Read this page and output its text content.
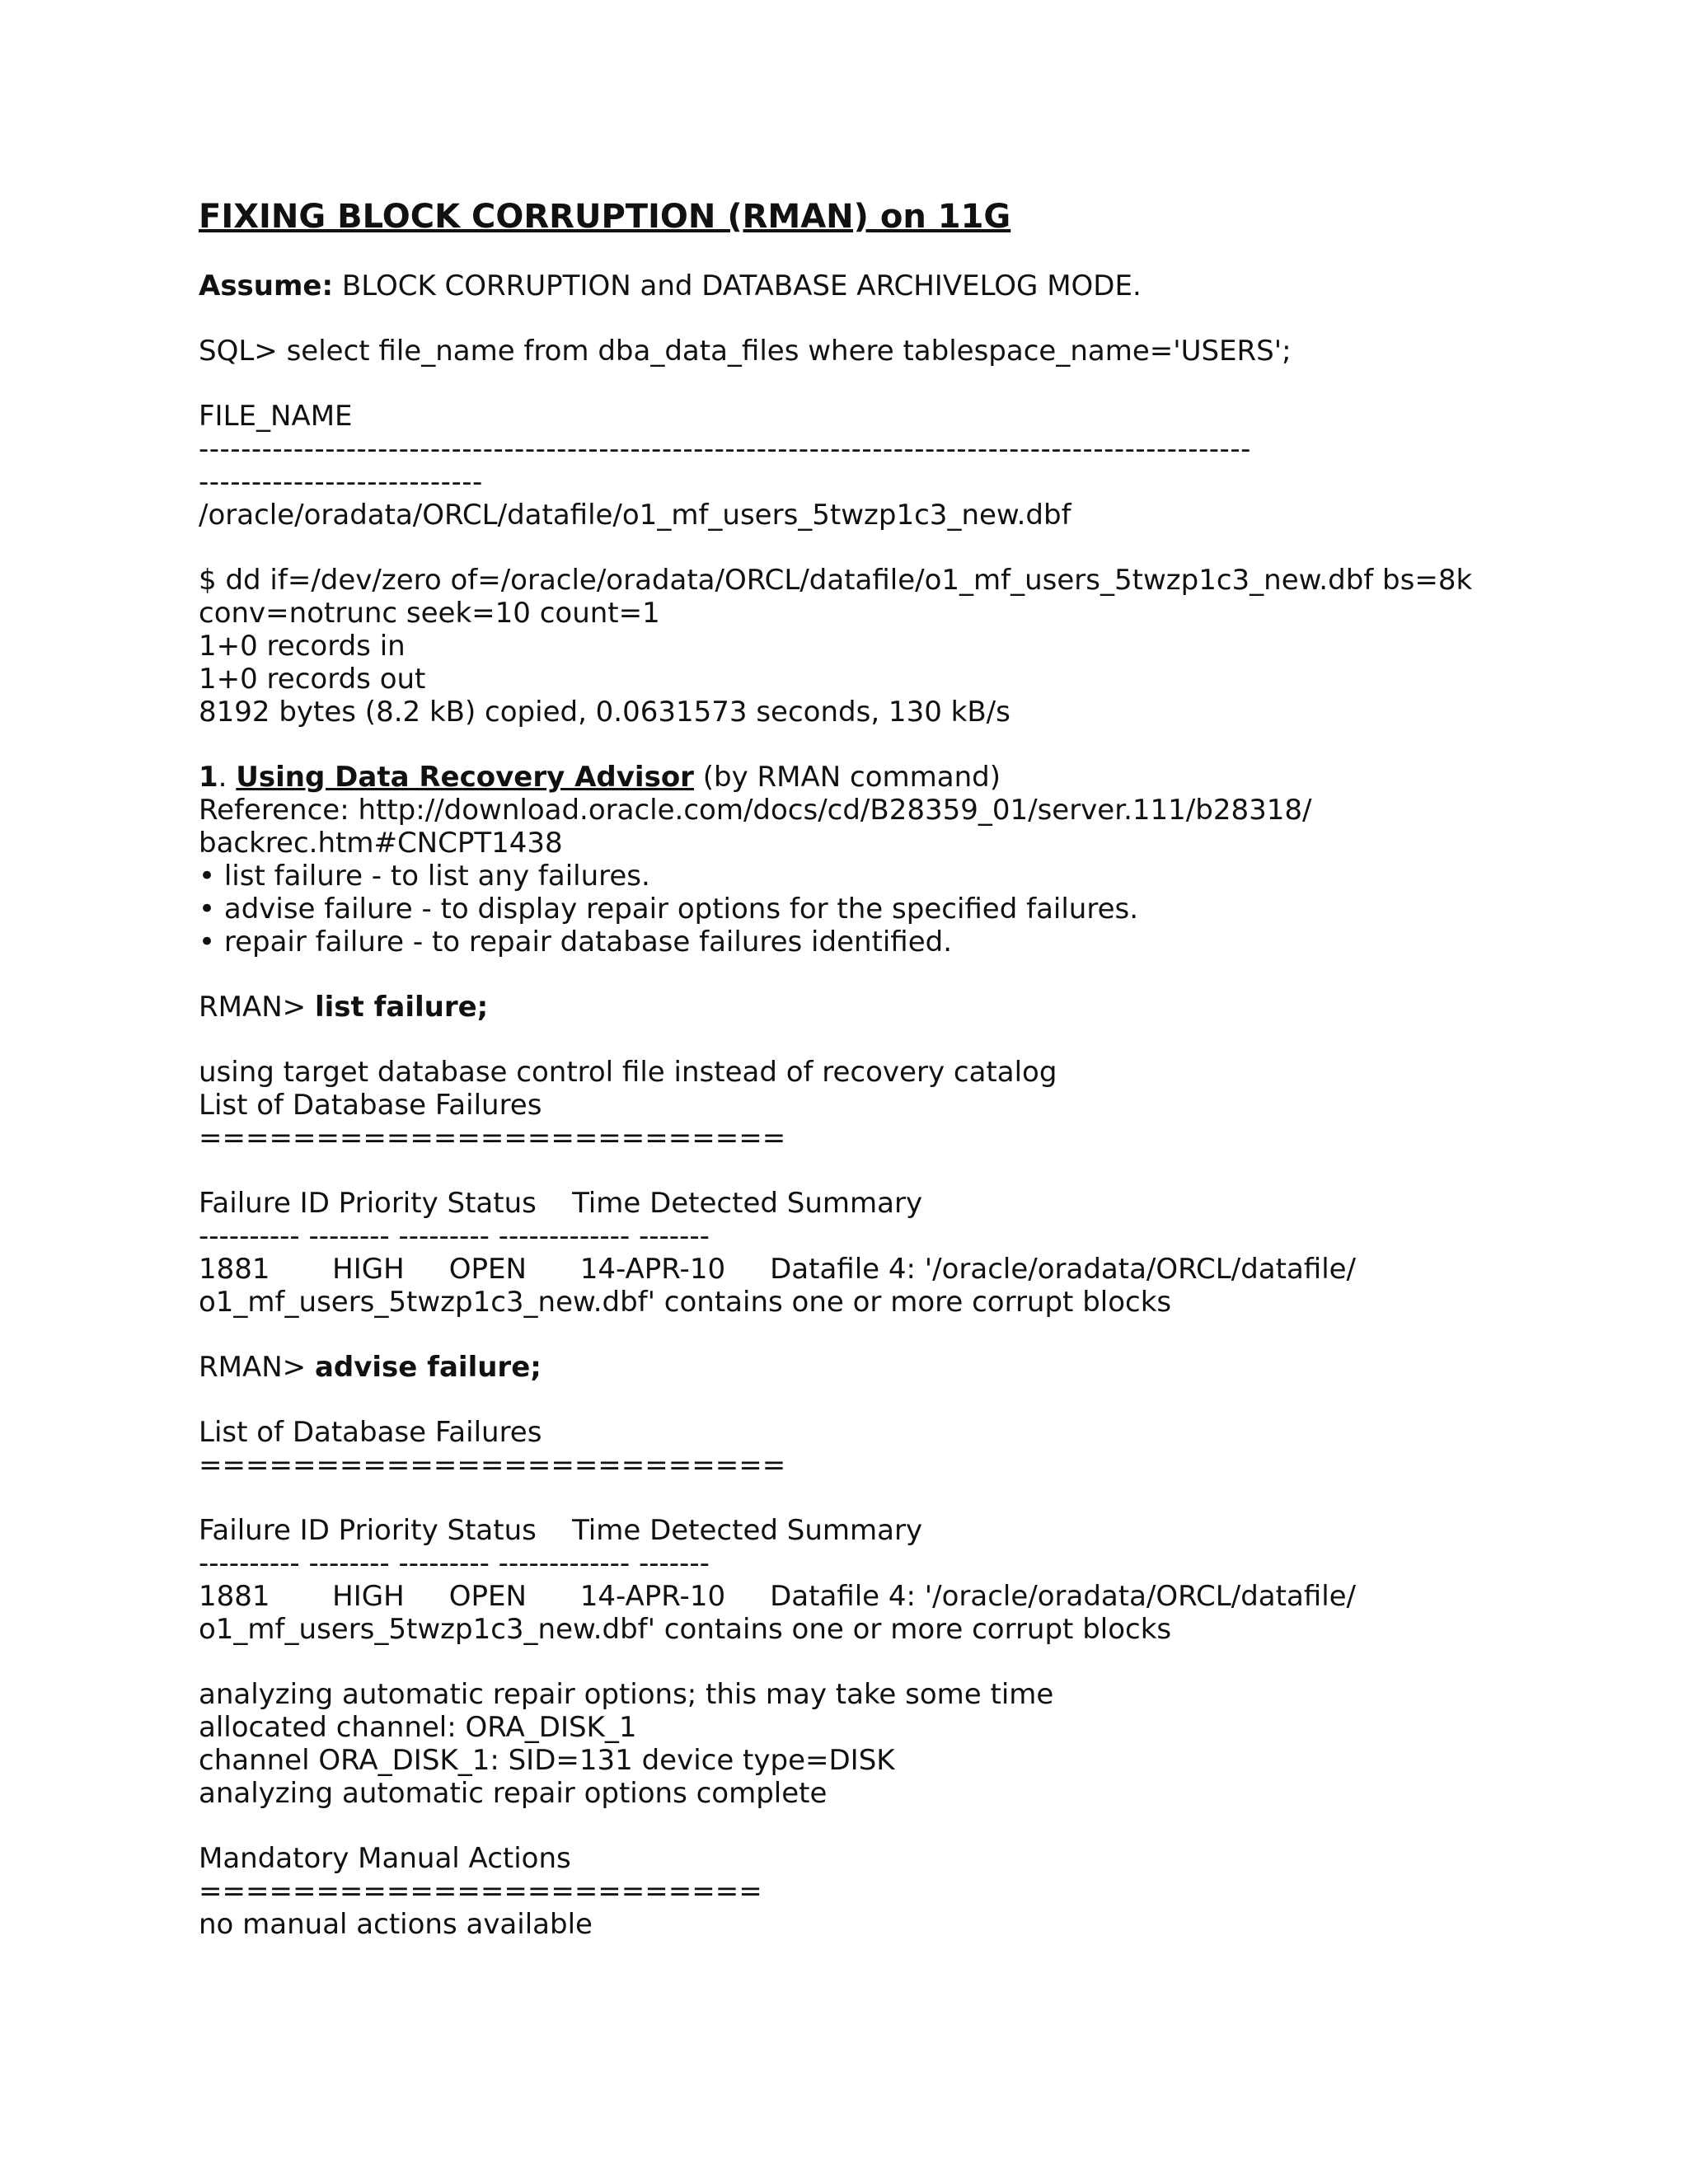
FIXING BLOCK CORRUPTION (RMAN) on 11G
Assume: BLOCK CORRUPTION and DATABASE ARCHIVELOG MODE.
SQL> select file_name from dba_data_files where tablespace_name='USERS';
FILE_NAME
----------------------------------------------------------------------------------------------------
---------------------------
/oracle/oradata/ORCL/datafile/o1_mf_users_5twzp1c3_new.dbf
$ dd if=/dev/zero of=/oracle/oradata/ORCL/datafile/o1_mf_users_5twzp1c3_new.dbf bs=8k
conv=notrunc seek=10 count=1
1+0 records in
1+0 records out
8192 bytes (8.2 kB) copied, 0.0631573 seconds, 130 kB/s
1. Using Data Recovery Advisor (by RMAN command)
Reference: http://download.oracle.com/docs/cd/B28359_01/server.111/b28318/
backrec.htm#CNCPT1438
• list failure - to list any failures.
• advise failure - to display repair options for the specified failures.
• repair failure - to repair database failures identified.
RMAN> list failure;
using target database control file instead of recovery catalog
List of Database Failures
=========================
Failure ID Priority Status    Time Detected Summary
---------- -------- --------- ------------- -------
1881       HIGH     OPEN      14-APR-10     Datafile 4: '/oracle/oradata/ORCL/datafile/
o1_mf_users_5twzp1c3_new.dbf' contains one or more corrupt blocks
RMAN> advise failure;
List of Database Failures
=========================
Failure ID Priority Status    Time Detected Summary
---------- -------- --------- ------------- -------
1881       HIGH     OPEN      14-APR-10     Datafile 4: '/oracle/oradata/ORCL/datafile/
o1_mf_users_5twzp1c3_new.dbf' contains one or more corrupt blocks
analyzing automatic repair options; this may take some time
allocated channel: ORA_DISK_1
channel ORA_DISK_1: SID=131 device type=DISK
analyzing automatic repair options complete
Mandatory Manual Actions
========================
no manual actions available
